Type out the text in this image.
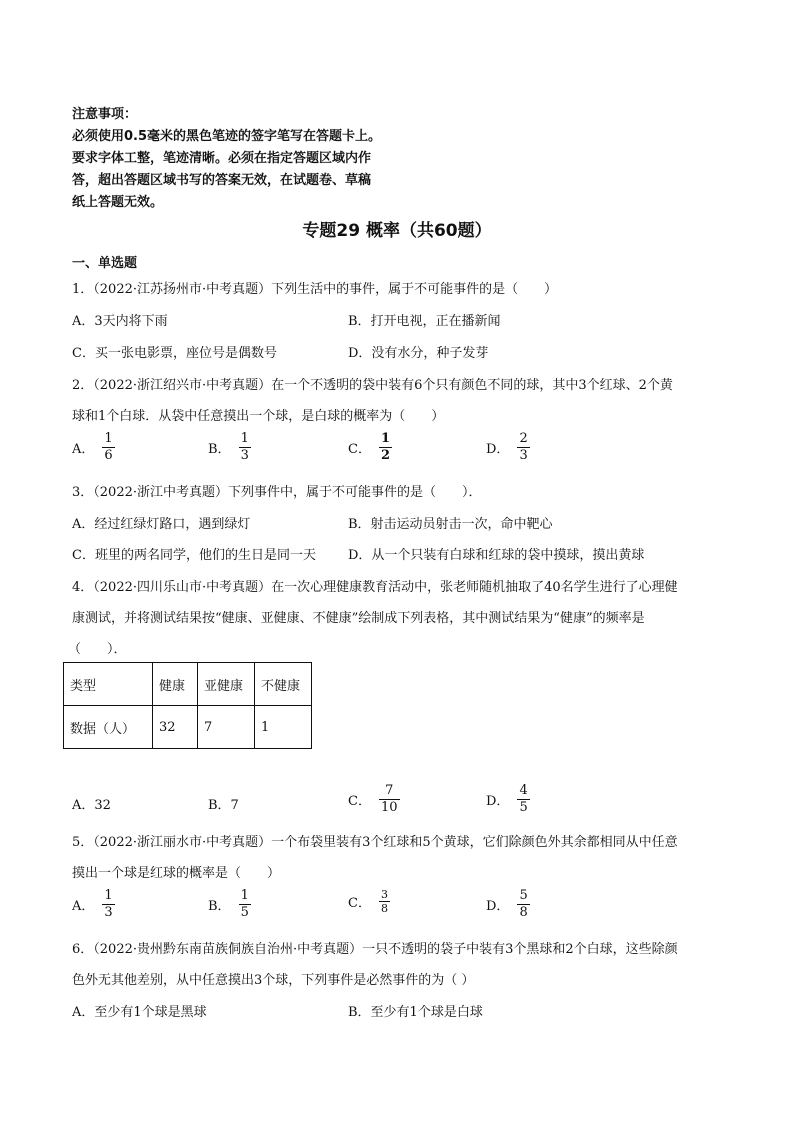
注意事项：
必须使用0.5毫米的黑色笔迹的签字笔写在答题卡上。
要求字体工整，笔迹清晰。必须在指定答题区域内作
答，超出答题区域书写的答案无效，在试题卷、草稿
纸上答题无效。
专题29 概率（共60题）
一、单选题
1．（2022·江苏扬州市·中考真题）下列生活中的事件，属于不可能事件的是（　　）
A．3天内将下雨	B．打开电视，正在播新闻
C．买一张电影票，座位号是偶数号	D．没有水分，种子发芽
2．（2022·浙江绍兴市·中考真题）在一个不透明的袋中装有6个只有颜色不同的球，其中3个红球、2个黄
球和1个白球．从袋中任意摸出一个球，是白球的概率为（　　）
A． $\frac{1}{6}$	B． $\frac{1}{3}$	C． $\frac{1}{2}$	D． $\frac{2}{3}$
3．（2022·浙江中考真题）下列事件中，属于不可能事件的是（　　）．
A．经过红绿灯路口，遇到绿灯	B．射击运动员射击一次，命中靶心
C．班里的两名同学，他们的生日是同一天 D．从一个只装有白球和红球的袋中摸球，摸出黄球
4．（2022·四川乐山市·中考真题）在一次心理健康教育活动中，张老师随机抽取了40名学生进行了心理健
康测试，并将测试结果按“健康、亚健康、不健康”绘制成下列表格，其中测试结果为“健康”的频率是
（　　）．
类型	健康	亚健康	不健康
数据（人）	32	7	1
A．32	B．7	C． $\frac{7}{10}$	D． $\frac{4}{5}$
5．（2022·浙江丽水市·中考真题）一个布袋里装有3个红球和5个黄球，它们除颜色外其余都相同从中任意
摸出一个球是红球的概率是（　　）
A． $\frac{1}{3}$	B． $\frac{1}{5}$	C． $\frac{3}{8}$	D． $\frac{5}{8}$
6．（2022·贵州黔东南苗族侗族自治州·中考真题）一只不透明的袋子中装有3个黑球和2个白球，这些除颜
色外无其他差别，从中任意摸出3个球，下列事件是必然事件的为（ ）
A．至少有1个球是黑球	B．至少有1个球是白球
